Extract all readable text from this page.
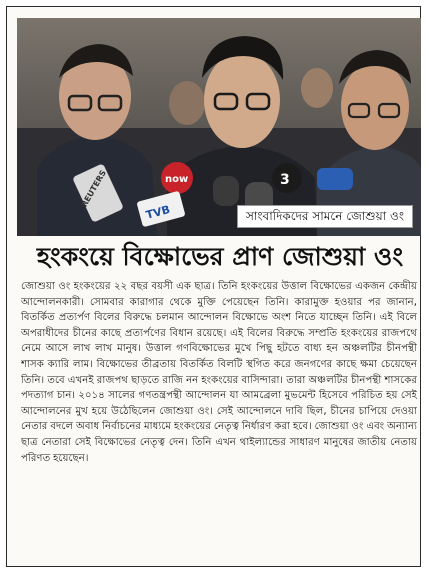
REUTERS	now
TVB
3
সাংবাদিকদের সামনে জোশুয়া ওং
হংকংয়ে বিক্ষোভের প্রাণ জোশুয়া ওং

জোশুয়া ওং হংকংয়ের ২২ বছর বয়সী এক ছাত্র। তিনি হংকংয়ের উত্তাল বিক্ষোভের একজন কেন্দ্রীয় আন্দোলনকারী। সোমবার কারাগার থেকে মুক্তি পেয়েছেন তিনি। কারামুক্ত হওয়ার পর জানান, বিতর্কিত প্রত্যর্পণ বিলের বিরুদ্ধে চলমান আন্দোলন বিক্ষোভে অংশ নিতে যাচ্ছেন তিনি। এই বিলে অপরাধীদের চীনের কাছে প্রত্যর্পণের বিধান রয়েছে। এই বিলের বিরুদ্ধে সম্প্রতি হংকংয়ের রাজপথে নেমে আসে লাখ লাখ মানুষ। উত্তাল গণবিক্ষোভের মুখে পিছু হটতে বাধ্য হন অঞ্চলটির চীনপন্থী শাসক ক্যারি লাম। বিক্ষোভের তীব্রতায় বিতর্কিত বিলটি স্থগিত করে জনগণের কাছে ক্ষমা চেয়েছেন তিনি। তবে এখনই রাজপথ ছাড়তে রাজি নন হংকংয়ের বাসিন্দারা। তারা অঞ্চলটির চীনপন্থী শাসকের পদত্যাগ চান। ২০১৪ সালের গণতন্ত্রপন্থী আন্দোলন যা আমব্রেলা মুভমেন্ট হিসেবে পরিচিত হয় সেই আন্দোলনের মুখ হয়ে উঠেছিলেন জোশুয়া ওং। সেই আন্দোলনে দাবি ছিল, চীনের চাপিয়ে দেওয়া নেতার বদলে অবাধ নির্বাচনের মাধ্যমে হংকংয়ের নেতৃত্ব নির্ধারণ করা হবে। জোশুয়া ওং এবং অন্যান্য ছাত্র নেতারা সেই বিক্ষোভের নেতৃত্ব দেন। তিনি এখন থাইল্যান্ডের সাধারণ মানুষের জাতীয় নেতায় পরিণত হয়েছেন।
